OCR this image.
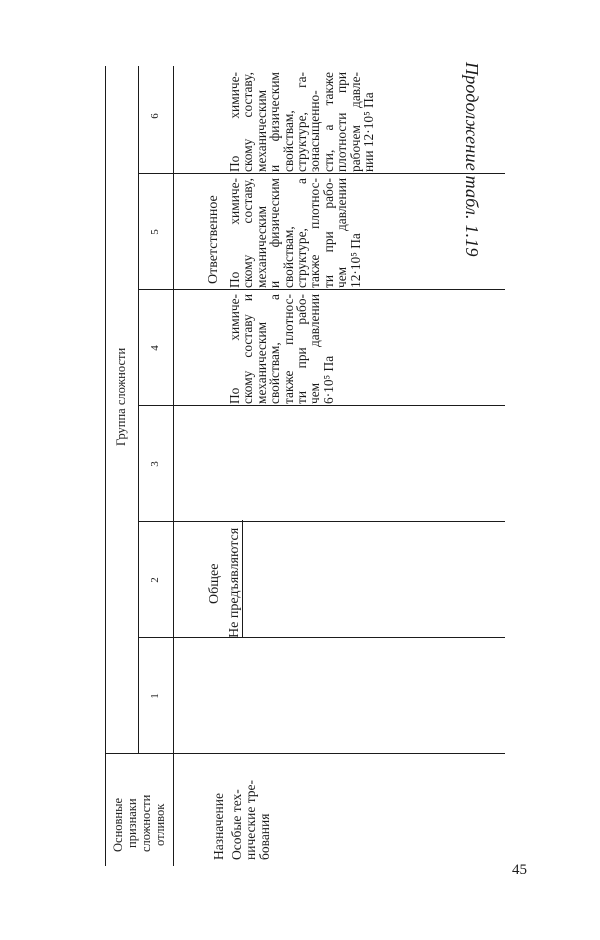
Продолжение табл. 1.19
Основные признаки сложности отливок
Группа сложности
1
2
3
4
5
6
Назначение Особые тех- нические тре- бования
Общее
Ответственное
Не предъявляются
По химиче-
скому составу и
механическим
свойствам, а
также плотнос-
ти при рабо-
чем давлении
6·10⁵ Па
По химиче-
скому составу,
механическим
и физическим
свойствам,
структуре, а
также плотнос-
ти при рабо-
чем давлении
12·10⁵ Па
По химиче-
скому составу,
механическим
и физическим
свойствам,
структуре, га-
зонасыщенно-
сти, а также
плотности при
рабочем давле-
нии 12·10⁵ Па
45
